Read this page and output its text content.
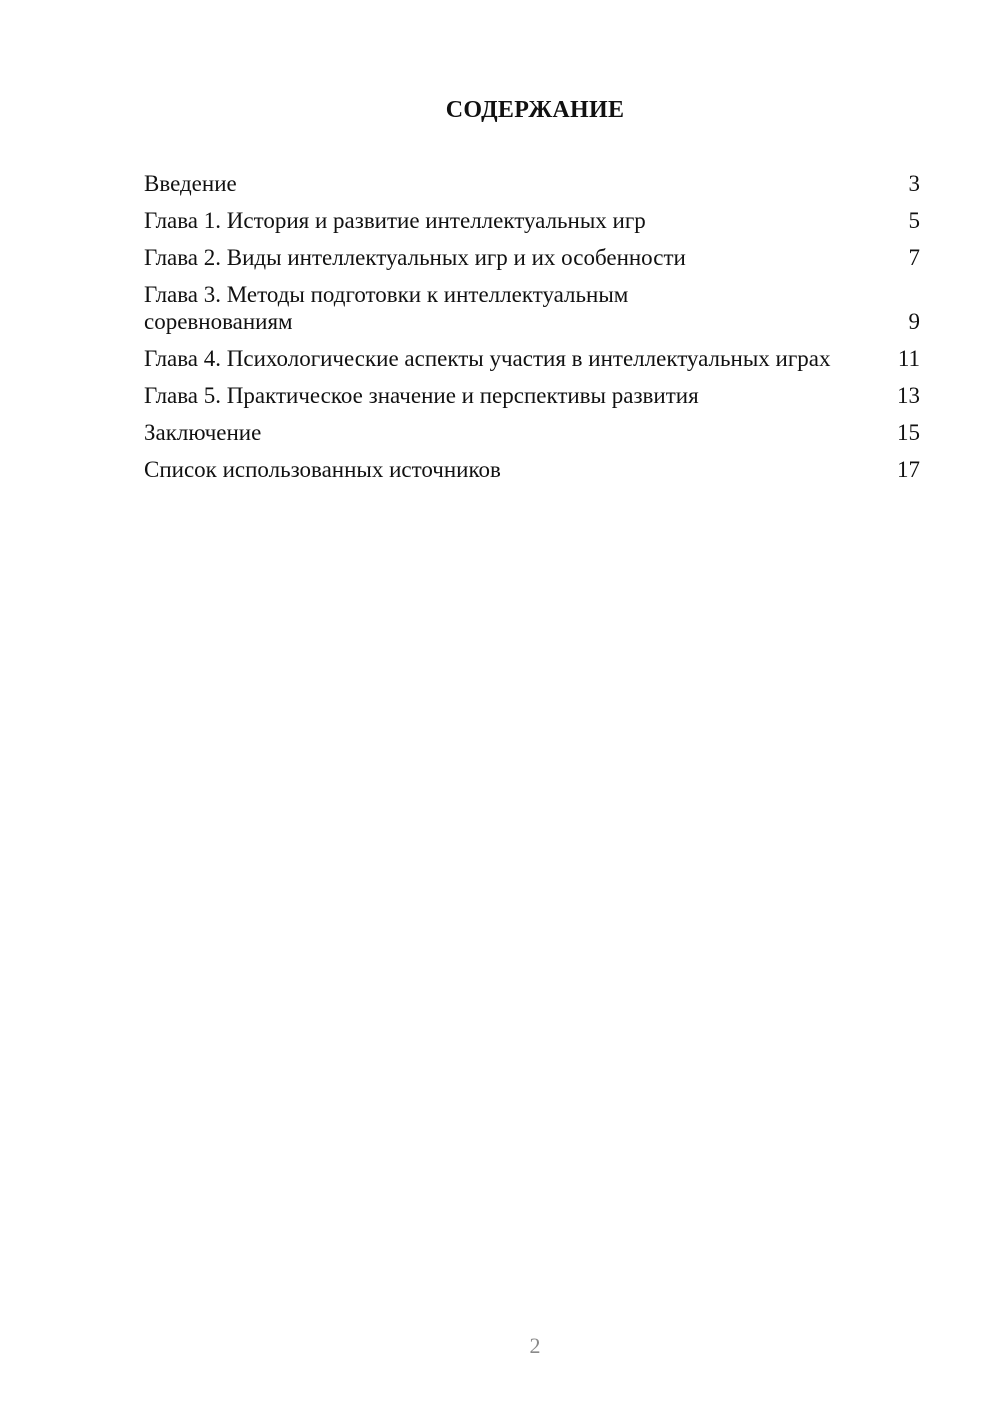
СОДЕРЖАНИЕ
Введение	3
Глава 1. История и развитие интеллектуальных игр	5
Глава 2. Виды интеллектуальных игр и их особенности	7
Глава 3. Методы подготовки к интеллектуальным соревнованиям	9
Глава 4. Психологические аспекты участия в интеллектуальных играх	11
Глава 5. Практическое значение и перспективы развития	13
Заключение	15
Список использованных источников	17
2
